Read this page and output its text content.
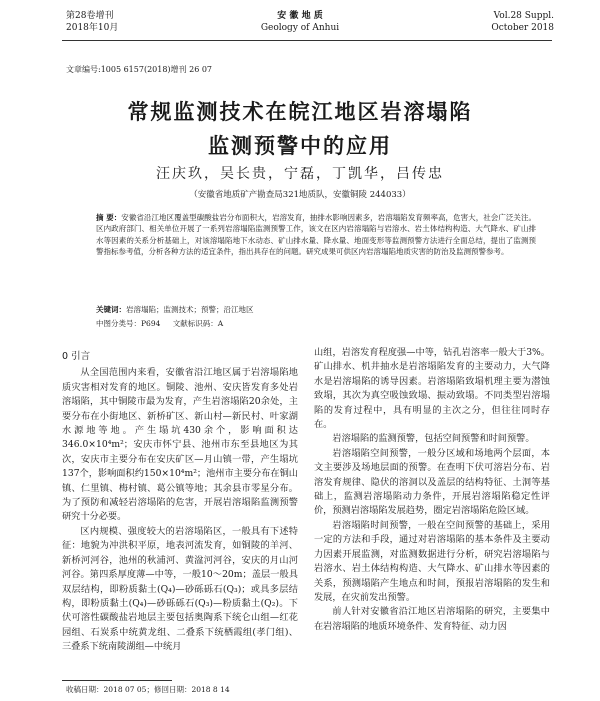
第28卷增刊
2018年10月
安 徽 地 质
Geology of Anhui
Vol.28 Suppl.
October 2018
文章编号:1005 6157(2018)增刊 26 07
常规监测技术在皖江地区岩溶塌陷
监测预警中的应用
汪庆玖，吴长贵，宁磊，丁凯华，吕传忠
（安徽省地质矿产勘查局321地质队，安徽铜陵 244033）
摘 要：安徽省沿江地区覆盖型碳酸盐岩分布面积大，岩溶发育，抽排水影响因素多，岩溶塌陷发育频率高，危害大，社会广泛关注。区内政府部门、相关单位开展了一系列岩溶塌陷监测预警工作，该文在区内岩溶塌陷与岩溶水、岩土体结构构造、大气降水、矿山排水等因素的关系分析基础上，对该溶塌陷地下水动态、矿山排水量、降水量、地面变形等监测预警方法进行全面总结，提出了监测预警指标参考值，分析各种方法的适宜条件，指出具存在的问题。研究成果可供区内岩溶塌陷地质灾害的防治及监测预警参考。
关键词：岩溶塌陷；监测技术；预警；沿江地区
中图分类号：P694 文献标识码：A
0 引言

从全国范围内来看，安徽省沿江地区属于岩溶塌陷地质灾害相对发育的地区。铜陵、池州、安庆皆发育多处岩溶塌陷，其中铜陵市最为发育，产生岩溶塌陷20余处，主要分布在小街地区、新桥矿区、新山村—新民村、叶家湖水源地等地。产生塌坑430余个，影响面积达346.0×10⁴m²；安庆市怀宁县、池州市东至县地区为其次，安庆市主要分布在安庆矿区—月山镇一带，产生塌坑137个，影响面积约150×10⁴m²；池州市主要分布在铜山镇、仁里镇、梅村镇、葛公镇等地；其余县市零星分布。为了预防和减轻岩溶塌陷的危害，开展岩溶塌陷监测预警研究十分必要。

区内规模、强度较大的岩溶塌陷区，一般具有下述特征：地貌为冲洪积平原，地表河流发育，如铜陵的羊河、新桥河河谷，池州的秋浦河、黄湓河河谷，安庆的月山河河谷。第四系厚度薄—中等，一般10～20m；盖层一般具双层结构，即粉质黏土(Q₄)—砂砾砾石(Q₃)；或具多层结构，即粉质黏土(Q₄)—砂砾砾石(Q₃)—粉质黏土(Q₂)。下伏可溶性碳酸盐岩地层主要包括奥陶系下统仑山组—红花园组、石炭系中统黄龙组、二叠系下统栖霞组(孝门组)、三叠系下统南陵湖组—中统月

山组，岩溶发育程度强—中等，钻孔岩溶率一般大于3%。矿山排水、机井抽水是岩溶塌陷发育的主要动力，大气降水是岩溶塌陷的诱导因素。岩溶塌陷致塌机理主要为潜蚀致塌，其次为真空吸蚀致塌、振动致塌。不同类型岩溶塌陷的发育过程中，具有明显的主次之分，但往往同时存在。

岩溶塌陷的监测预警，包括空间预警和时间预警。

岩溶塌陷空间预警，一般分区域和场地两个层面，本文主要涉及场地层面的预警。在查明下伏可溶岩分布、岩溶发育规律、隐伏的溶洞以及盖层的结构特征、土洞等基础上，监测岩溶塌陷动力条件，开展岩溶塌陷稳定性评价，预测岩溶塌陷发展趋势，圈定岩溶塌陷危险区域。

岩溶塌陷时间预警，一般在空间预警的基础上，采用一定的方法和手段，通过对岩溶塌陷的基本条件及主要动力因素开展监测，对监测数据进行分析，研究岩溶塌陷与岩溶水、岩土体结构构造、大气降水、矿山排水等因素的关系，预测塌陷产生地点和时间，预报岩溶塌陷的发生和发展，在灾前发出预警。

前人针对安徽省沿江地区岩溶塌陷的研究，主要集中在岩溶塌陷的地质环境条件、发育特征、动力因

收稿日期：2018 07 05；修回日期：2018 8 14
